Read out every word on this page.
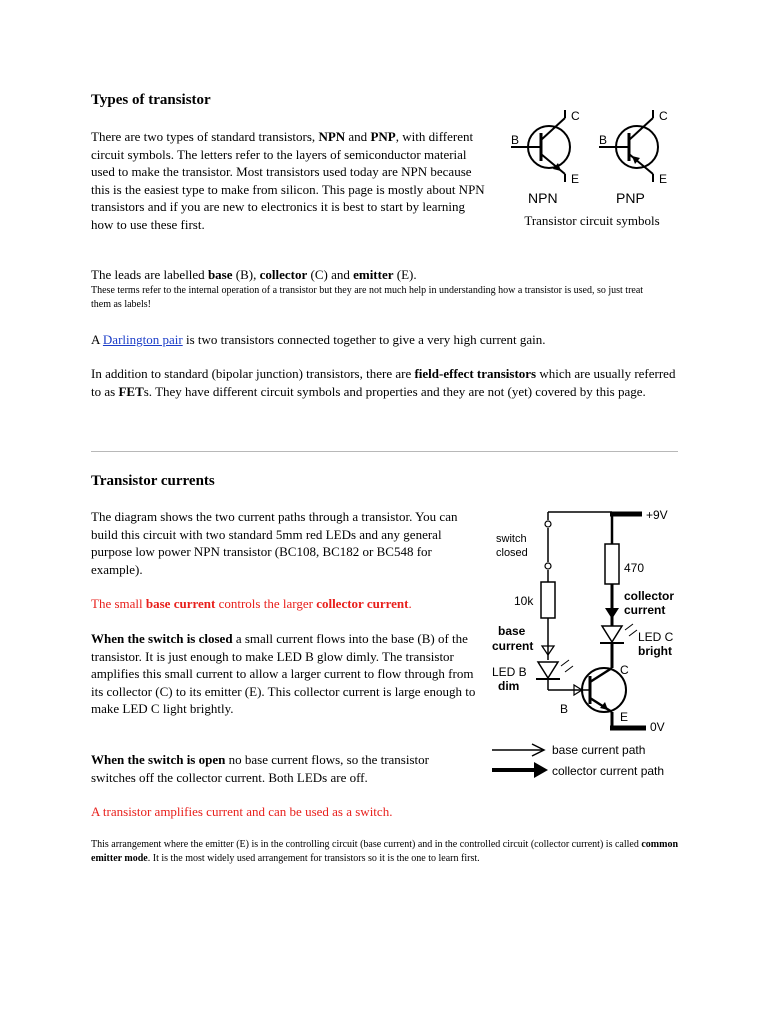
Types of transistor

There are two types of standard transistors, NPN and PNP, with different circuit symbols. The letters refer to the layers of semiconductor material used to make the transistor. Most transistors used today are NPN because this is the easiest type to make from silicon. This page is mostly about NPN transistors and if you are new to electronics it is best to start by learning how to use these first.

B
C
E
NPN
B
C
E
PNP
Transistor circuit symbols

The leads are labelled base (B), collector (C) and emitter (E).

These terms refer to the internal operation of a transistor but they are not much help in understanding how a transistor is used, so just treat them as labels!

A Darlington pair is two transistors connected together to give a very high current gain.

In addition to standard (bipolar junction) transistors, there are field-effect transistors which are usually referred to as FETs. They have different circuit symbols and properties and they are not (yet) covered by this page.

Transistor currents

The diagram shows the two current paths through a transistor. You can build this circuit with two standard 5mm red LEDs and any general purpose low power NPN transistor (BC108, BC182 or BC548 for example).

The small base current controls the larger collector current.

When the switch is closed a small current flows into the base (B) of the transistor. It is just enough to make LED B glow dimly. The transistor amplifies this small current to allow a larger current to flow through from its collector (C) to its emitter (E). This collector current is large enough to make LED C light brightly.

When the switch is open no base current flows, so the transistor switches off the collector current. Both LEDs are off.

A transistor amplifies current and can be used as a switch.

This arrangement where the emitter (E) is in the controlling circuit (base current) and in the controlled circuit (collector current) is called common emitter mode. It is the most widely used arrangement for transistors so it is the one to learn first.

+9V
switch
closed
10k
base
current
LED B
dim
470
collector
current
LED C
bright
C
B
E
0V
base current path
collector current path
